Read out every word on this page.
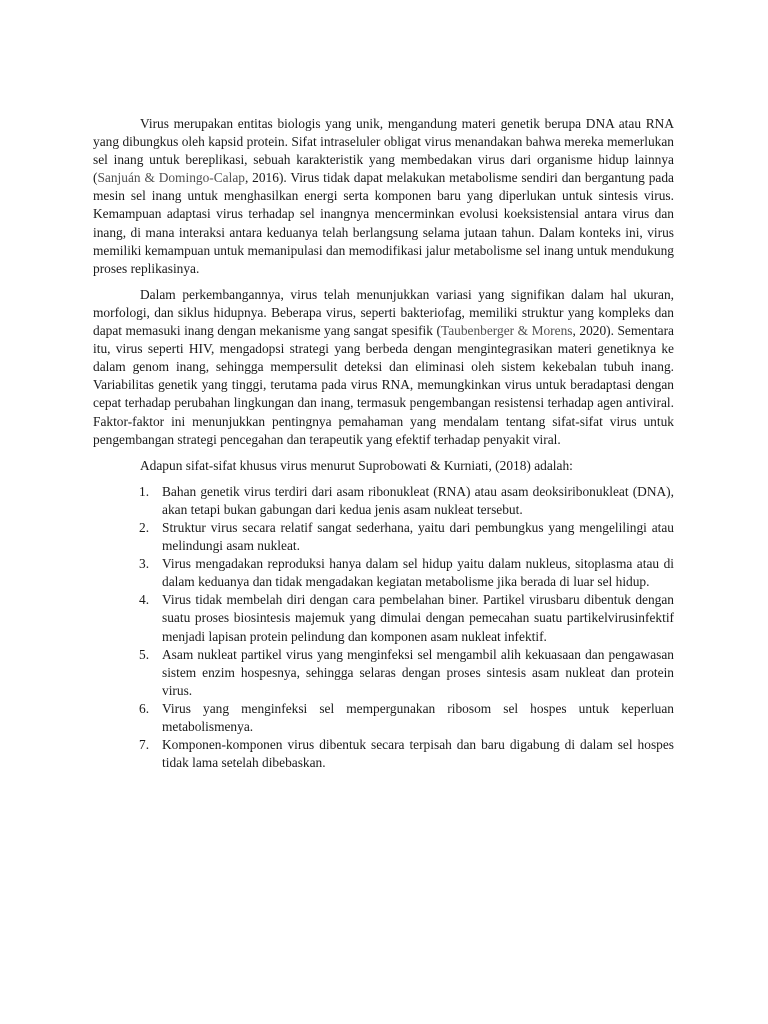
Virus merupakan entitas biologis yang unik, mengandung materi genetik berupa DNA atau RNA yang dibungkus oleh kapsid protein. Sifat intraseluler obligat virus menandakan bahwa mereka memerlukan sel inang untuk bereplikasi, sebuah karakteristik yang membedakan virus dari organisme hidup lainnya (Sanjuán & Domingo-Calap, 2016). Virus tidak dapat melakukan metabolisme sendiri dan bergantung pada mesin sel inang untuk menghasilkan energi serta komponen baru yang diperlukan untuk sintesis virus. Kemampuan adaptasi virus terhadap sel inangnya mencerminkan evolusi koeksistensial antara virus dan inang, di mana interaksi antara keduanya telah berlangsung selama jutaan tahun. Dalam konteks ini, virus memiliki kemampuan untuk memanipulasi dan memodifikasi jalur metabolisme sel inang untuk mendukung proses replikasinya.

Dalam perkembangannya, virus telah menunjukkan variasi yang signifikan dalam hal ukuran, morfologi, dan siklus hidupnya. Beberapa virus, seperti bakteriofag, memiliki struktur yang kompleks dan dapat memasuki inang dengan mekanisme yang sangat spesifik (Taubenberger & Morens, 2020). Sementara itu, virus seperti HIV, mengadopsi strategi yang berbeda dengan mengintegrasikan materi genetiknya ke dalam genom inang, sehingga mempersulit deteksi dan eliminasi oleh sistem kekebalan tubuh inang. Variabilitas genetik yang tinggi, terutama pada virus RNA, memungkinkan virus untuk beradaptasi dengan cepat terhadap perubahan lingkungan dan inang, termasuk pengembangan resistensi terhadap agen antiviral. Faktor-faktor ini menunjukkan pentingnya pemahaman yang mendalam tentang sifat-sifat virus untuk pengembangan strategi pencegahan dan terapeutik yang efektif terhadap penyakit viral.

Adapun sifat-sifat khusus virus menurut Suprobowati & Kurniati, (2018) adalah:

1. Bahan genetik virus terdiri dari asam ribonukleat (RNA) atau asam deoksiribonukleat (DNA), akan tetapi bukan gabungan dari kedua jenis asam nukleat tersebut.
2. Struktur virus secara relatif sangat sederhana, yaitu dari pembungkus yang mengelilingi atau melindungi asam nukleat.
3. Virus mengadakan reproduksi hanya dalam sel hidup yaitu dalam nukleus, sitoplasma atau di dalam keduanya dan tidak mengadakan kegiatan metabolisme jika berada di luar sel hidup.
4. Virus tidak membelah diri dengan cara pembelahan biner. Partikel virusbaru dibentuk dengan suatu proses biosintesis majemuk yang dimulai dengan pemecahan suatu partikelvirusinfektif menjadi lapisan protein pelindung dan komponen asam nukleat infektif.
5. Asam nukleat partikel virus yang menginfeksi sel mengambil alih kekuasaan dan pengawasan sistem enzim hospesnya, sehingga selaras dengan proses sintesis asam nukleat dan protein virus.
6. Virus yang menginfeksi sel mempergunakan ribosom sel hospes untuk keperluan metabolismenya.
7. Komponen-komponen virus dibentuk secara terpisah dan baru digabung di dalam sel hospes tidak lama setelah dibebaskan.
